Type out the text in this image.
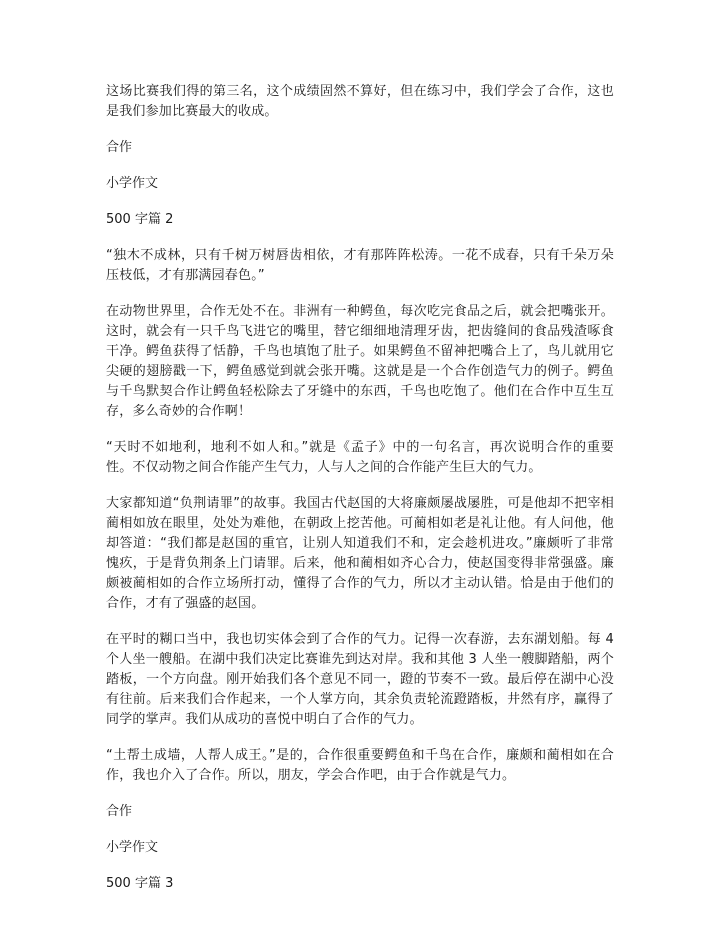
这场比赛我们得的第三名，这个成绩固然不算好，但在练习中，我们学会了合作，这也是我们参加比赛最大的收成。

合作

小学作文

500 字篇 2

“独木不成林，只有千树万树唇齿相依，才有那阵阵松涛。一花不成春，只有千朵万朵压枝低，才有那满园春色。”

在动物世界里，合作无处不在。非洲有一种鳄鱼，每次吃完食品之后，就会把嘴张开。这时，就会有一只千鸟飞进它的嘴里，替它细细地清理牙齿，把齿缝间的食品残渣啄食干净。鳄鱼获得了恬静，千鸟也填饱了肚子。如果鳄鱼不留神把嘴合上了，鸟儿就用它尖硬的翅膀戳一下，鳄鱼感觉到就会张开嘴。这就是是一个合作创造气力的例子。鳄鱼与千鸟默契合作让鳄鱼轻松除去了牙缝中的东西，千鸟也吃饱了。他们在合作中互生互存，多么奇妙的合作啊！

“天时不如地利，地利不如人和。”就是《孟子》中的一句名言，再次说明合作的重要性。不仅动物之间合作能产生气力，人与人之间的合作能产生巨大的气力。

大家都知道“负荆请罪”的故事。我国古代赵国的大将廉颇屡战屡胜，可是他却不把宰相蔺相如放在眼里，处处为难他，在朝政上挖苦他。可蔺相如老是礼让他。有人问他，他却答道：“我们都是赵国的重官，让别人知道我们不和，定会趁机进攻。”廉颇听了非常愧疚，于是背负荆条上门请罪。后来，他和蔺相如齐心合力，使赵国变得非常强盛。廉颇被蔺相如的合作立场所打动，懂得了合作的气力，所以才主动认错。恰是由于他们的合作，才有了强盛的赵国。

在平时的糊口当中，我也切实体会到了合作的气力。记得一次春游，去东湖划船。每 4 个人坐一艘船。在湖中我们决定比赛谁先到达对岸。我和其他 3 人坐一艘脚踏船，两个踏板，一个方向盘。刚开始我们各个意见不同一，蹬的节奏不一致。最后停在湖中心没有往前。后来我们合作起来，一个人掌方向，其余负责轮流蹬踏板，井然有序，赢得了同学的掌声。我们从成功的喜悦中明白了合作的气力。

“土帮土成墙，人帮人成王。”是的，合作很重要鳄鱼和千鸟在合作，廉颇和蔺相如在合作，我也介入了合作。所以，朋友，学会合作吧，由于合作就是气力。

合作

小学作文

500 字篇 3
